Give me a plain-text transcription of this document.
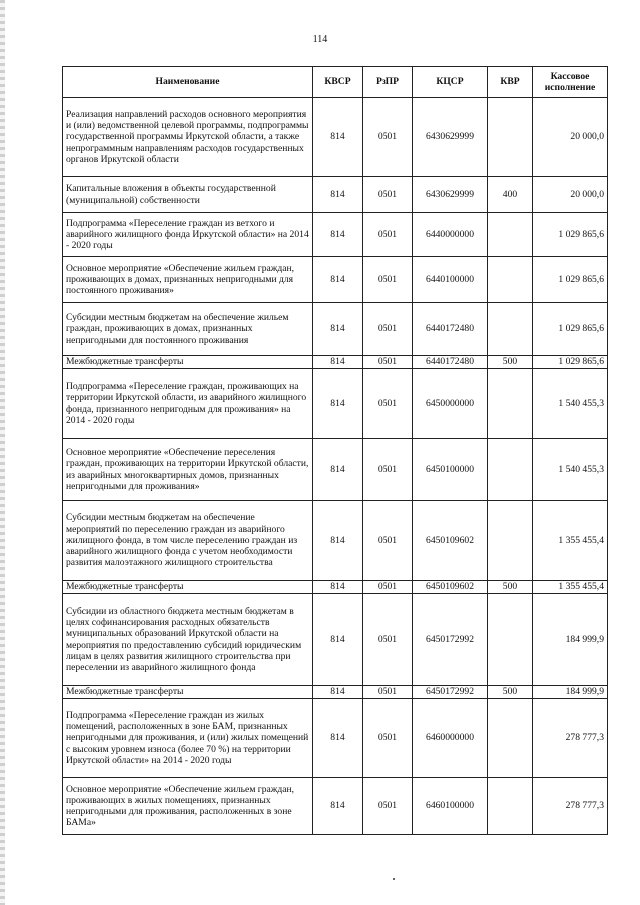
114
Наименование	КВСР	РзПР	КЦСР	КВР	Кассовое исполнение
Реализация направлений расходов основного мероприятия и (или) ведомственной целевой программы, подпрограммы государственной программы Иркутской области, а также непрограммным направлениям расходов государственных органов Иркутской области	814	0501	6430629999		20 000,0
Капитальные вложения в объекты государственной (муниципальной) собственности	814	0501	6430629999	400	20 000,0
Подпрограмма «Переселение граждан из ветхого и аварийного жилищного фонда Иркутской области» на 2014 - 2020 годы	814	0501	6440000000		1 029 865,6
Основное мероприятие «Обеспечение жильем граждан, проживающих в домах, признанных непригодными для постоянного проживания»	814	0501	6440100000		1 029 865,6
Субсидии местным бюджетам на обеспечение жильем граждан, проживающих в домах, признанных непригодными для постоянного проживания	814	0501	6440172480		1 029 865,6
Межбюджетные трансферты	814	0501	6440172480	500	1 029 865,6
Подпрограмма «Переселение граждан, проживающих на территории Иркутской области, из аварийного жилищного фонда, признанного непригодным для проживания» на 2014 - 2020 годы	814	0501	6450000000		1 540 455,3
Основное мероприятие «Обеспечение переселения граждан, проживающих на территории Иркутской области, из аварийных многоквартирных домов, признанных непригодными для проживания»	814	0501	6450100000		1 540 455,3
Субсидии местным бюджетам на обеспечение мероприятий по переселению граждан из аварийного жилищного фонда, в том числе переселению граждан из аварийного жилищного фонда с учетом необходимости развития малоэтажного жилищного строительства	814	0501	6450109602		1 355 455,4
Межбюджетные трансферты	814	0501	6450109602	500	1 355 455,4
Субсидии из областного бюджета местным бюджетам в целях софинансирования расходных обязательств муниципальных образований Иркутской области на мероприятия по предоставлению субсидий юридическим лицам в целях развития жилищного строительства при переселении из аварийного жилищного фонда	814	0501	6450172992		184 999,9
Межбюджетные трансферты	814	0501	6450172992	500	184 999,9
Подпрограмма «Переселение граждан из жилых помещений, расположенных в зоне БАМ, признанных непригодными для проживания, и (или) жилых помещений с высоким уровнем износа (более 70 %) на территории Иркутской области» на 2014 - 2020 годы	814	0501	6460000000		278 777,3
Основное мероприятие «Обеспечение жильем граждан, проживающих в жилых помещениях, признанных непригодными для проживания, расположенных в зоне БАМа»	814	0501	6460100000		278 777,3
